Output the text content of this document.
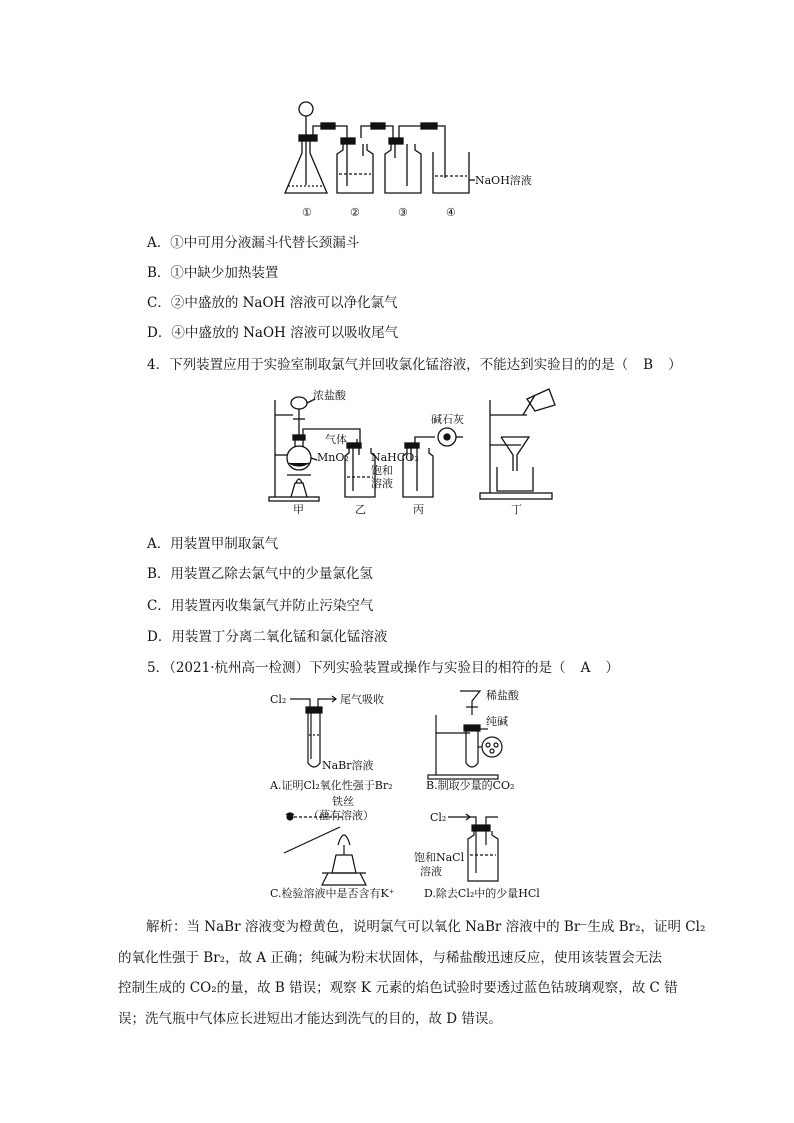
①	②	③	④
NaOH溶液
A．①中可用分液漏斗代替长颈漏斗
B．①中缺少加热装置
C．②中盛放的 NaOH 溶液可以净化氯气
D．④中盛放的 NaOH 溶液可以吸收尾气
4．下列装置应用于实验室制取氯气并回收氯化锰溶液，不能达到实验目的的是（ B ）
浓盐酸
MnO₂
气体
NaHCO₃
饱和
溶液
碱石灰
甲	乙	丙	丁
A．用装置甲制取氯气
B．用装置乙除去氯气中的少量氯化氢
C．用装置丙收集氯气并防止污染空气
D．用装置丁分离二氧化锰和氯化锰溶液
5．（2021·杭州高一检测）下列实验装置或操作与实验目的相符的是（ A ）
Cl₂	尾气吸收
NaBr溶液
A.证明Cl₂氧化性强于Br₂
稀盐酸
纯碱
B.制取少量的CO₂
铁丝
（蘸有溶液）
C.检验溶液中是否含有K⁺
Cl₂
饱和NaCl
溶液
D.除去Cl₂中的少量HCl

解析：当 NaBr 溶液变为橙黄色，说明氯气可以氧化 NaBr 溶液中的 Br⁻生成 Br₂，证明 Cl₂

的氧化性强于 Br₂，故 A 正确；纯碱为粉末状固体，与稀盐酸迅速反应，使用该装置会无法

控制生成的 CO₂的量，故 B 错误；观察 K 元素的焰色试验时要透过蓝色钴玻璃观察，故 C 错

误；洗气瓶中气体应长进短出才能达到洗气的目的，故 D 错误。
